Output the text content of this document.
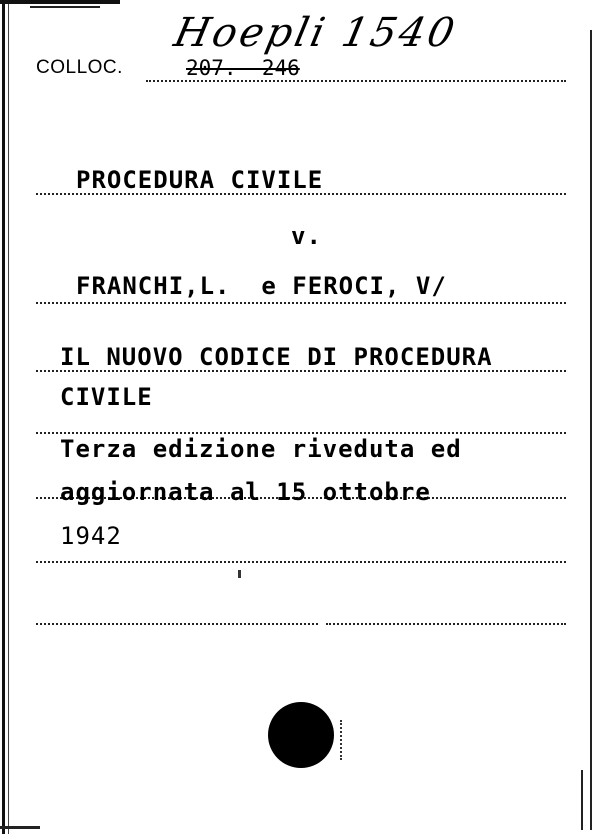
COLLOC.
Hoepli 1540
207.  246
PROCEDURA CIVILE
v.
FRANCHI,L.  e FEROCI, V/
IL NUOVO CODICE DI PROCEDURA
CIVILE
Terza edizione riveduta ed
aggiornata al 15 ottobre
1942
